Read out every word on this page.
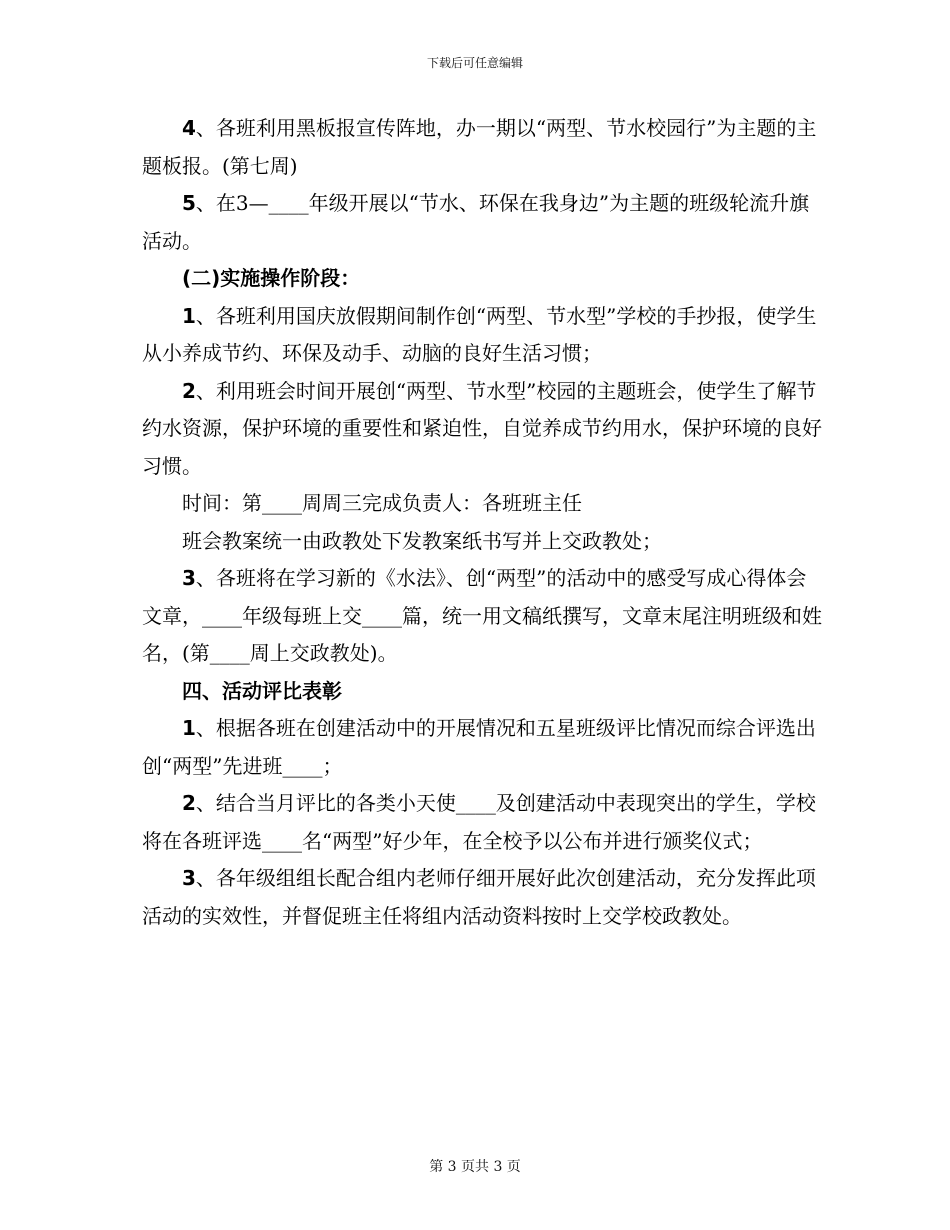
下载后可任意编辑

4、各班利用黑板报宣传阵地，办一期以“两型、节水校园行”为主题的主题板报。(第七周)

5、在3—____年级开展以“节水、环保在我身边”为主题的班级轮流升旗活动。

(二)实施操作阶段：

1、各班利用国庆放假期间制作创“两型、节水型”学校的手抄报，使学生从小养成节约、环保及动手、动脑的良好生活习惯；

2、利用班会时间开展创“两型、节水型”校园的主题班会，使学生了解节约水资源，保护环境的重要性和紧迫性，自觉养成节约用水，保护环境的良好习惯。

时间：第____周周三完成负责人：各班班主任

班会教案统一由政教处下发教案纸书写并上交政教处；

3、各班将在学习新的《水法》、创“两型”的活动中的感受写成心得体会文章，____年级每班上交____篇，统一用文稿纸撰写，文章末尾注明班级和姓名，(第____周上交政教处)。

四、活动评比表彰

1、根据各班在创建活动中的开展情况和五星班级评比情况而综合评选出创“两型”先进班____；

2、结合当月评比的各类小天使____及创建活动中表现突出的学生，学校将在各班评选____名“两型”好少年，在全校予以公布并进行颁奖仪式；

3、各年级组组长配合组内老师仔细开展好此次创建活动，充分发挥此项活动的实效性，并督促班主任将组内活动资料按时上交学校政教处。

第 3 页共 3 页
